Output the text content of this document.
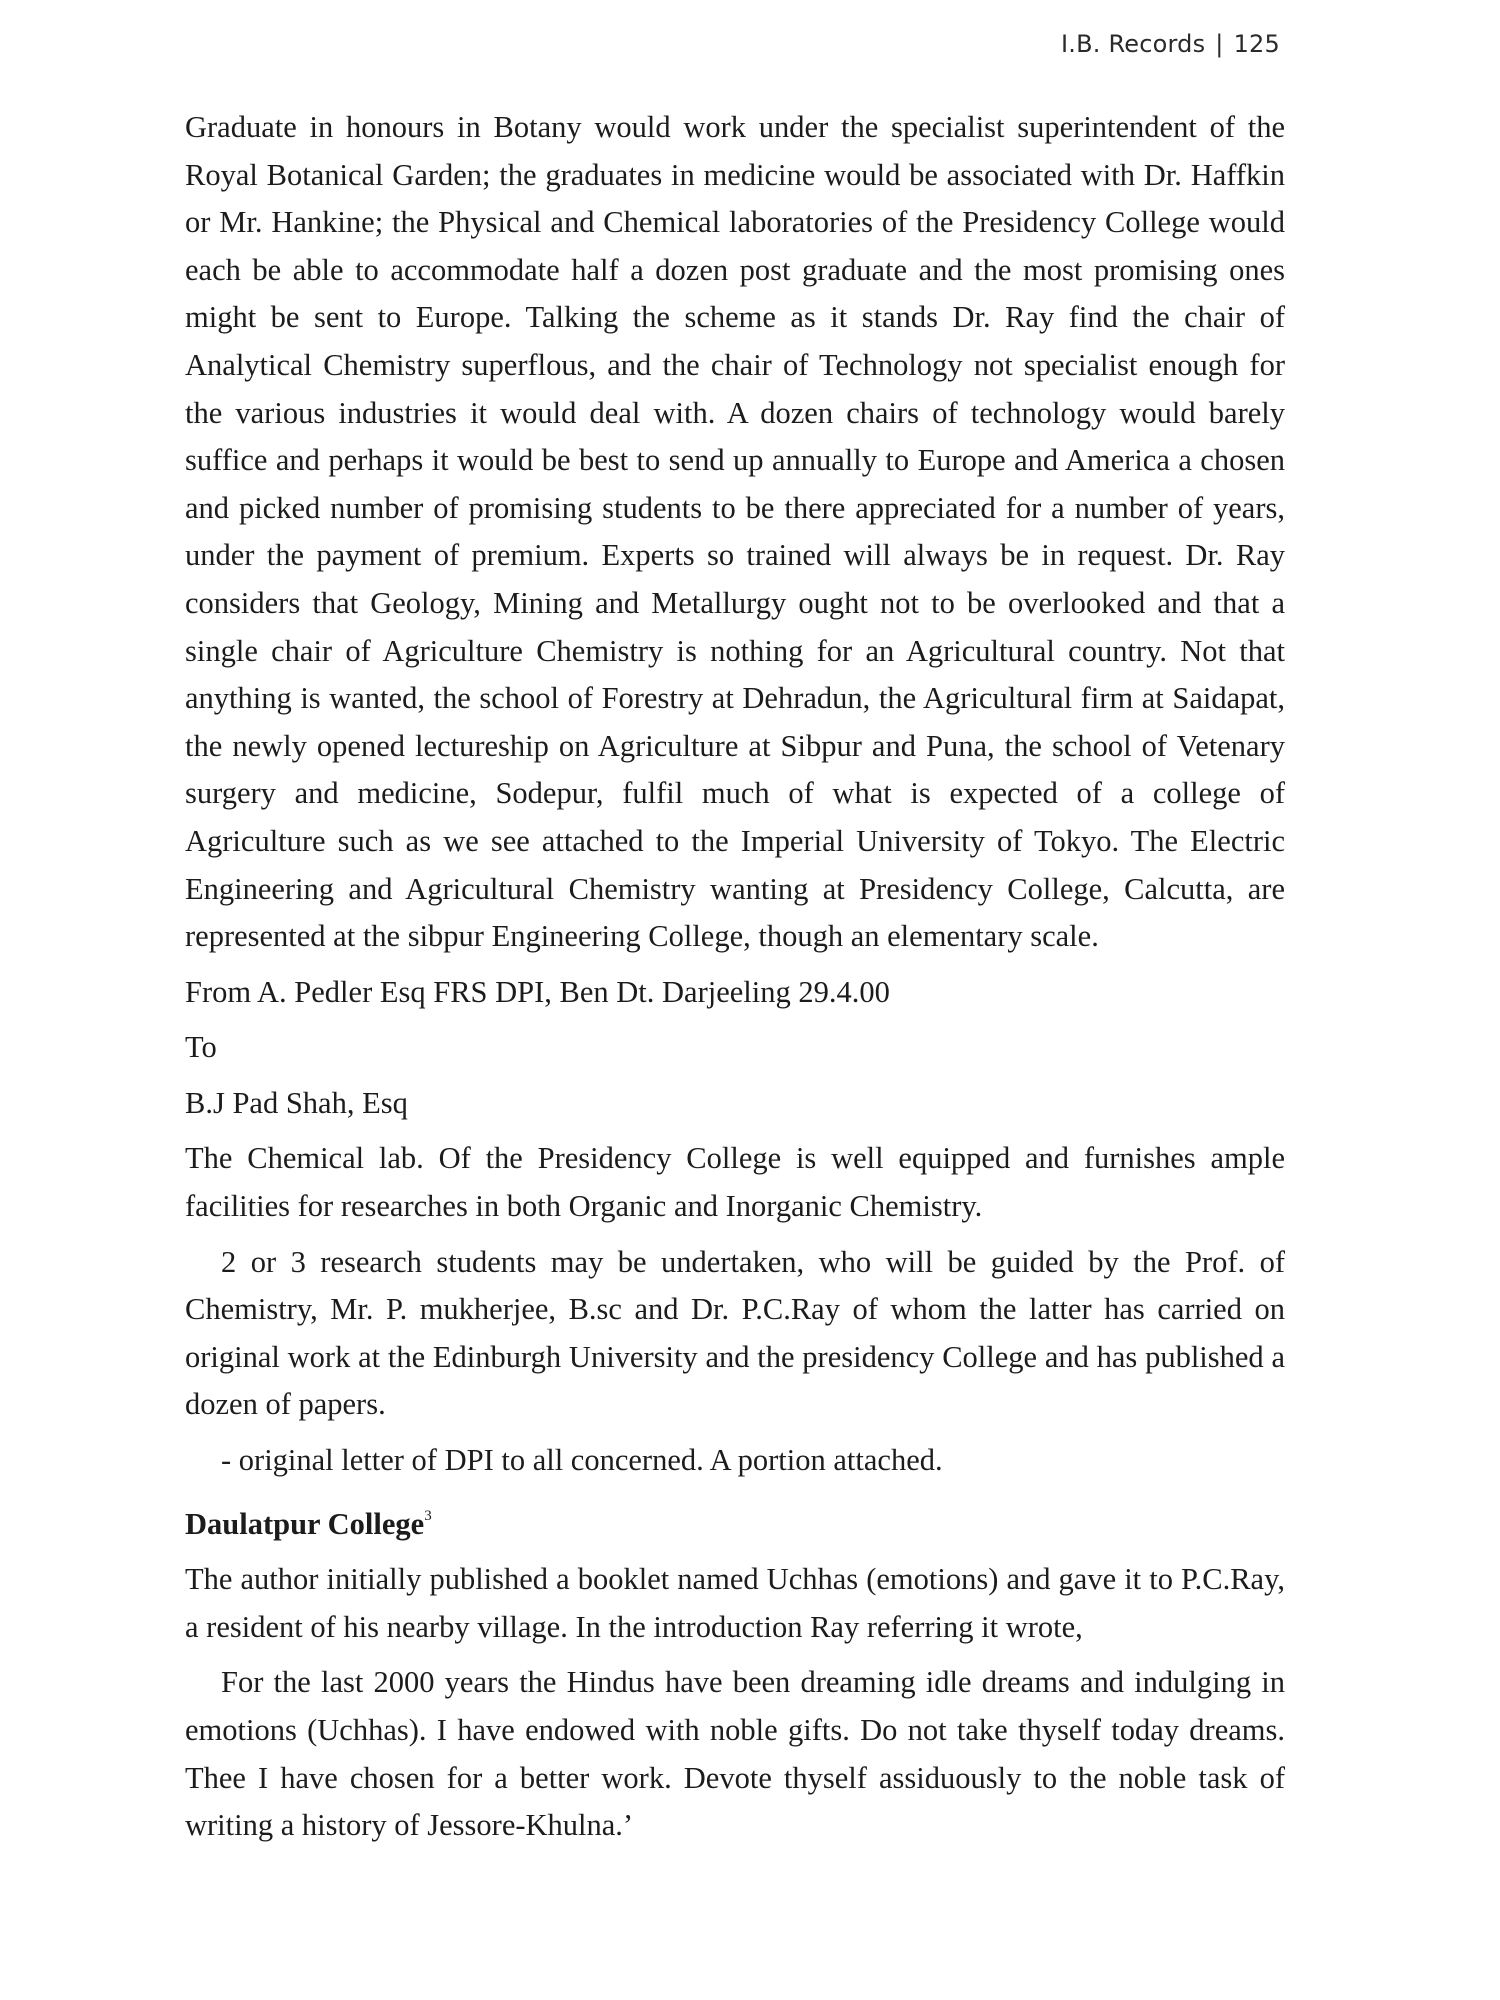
I.B. Records | 125

Graduate in honours in Botany would work under the specialist superintendent of the Royal Botanical Garden; the graduates in medicine would be associated with Dr. Haffkin or Mr. Hankine; the Physical and Chemical laboratories of the Presidency College would each be able to accommodate half a dozen post graduate and the most promising ones might be sent to Europe. Talking the scheme as it stands Dr. Ray find the chair of Analytical Chemistry superflous, and the chair of Technology not specialist enough for the various industries it would deal with. A dozen chairs of technology would barely suffice and perhaps it would be best to send up annually to Europe and America a chosen and picked number of promising students to be there appreciated for a number of years, under the payment of premium. Experts so trained will always be in request. Dr. Ray considers that Geology, Mining and Metallurgy ought not to be overlooked and that a single chair of Agriculture Chemistry is nothing for an Agricultural country. Not that anything is wanted, the school of Forestry at Dehradun, the Agricultural firm at Saidapat, the newly opened lectureship on Agriculture at Sibpur and Puna, the school of Vetenary surgery and medicine, Sodepur, fulfil much of what is expected of a college of Agriculture such as we see attached to the Imperial University of Tokyo. The Electric Engineering and Agricultural Chemistry wanting at Presidency College, Calcutta, are represented at the sibpur Engineering College, though an elementary scale.

From A. Pedler Esq FRS DPI, Ben Dt. Darjeeling 29.4.00

To

B.J Pad Shah, Esq

The Chemical lab. Of the Presidency College is well equipped and furnishes ample facilities for researches in both Organic and Inorganic Chemistry.

2 or 3 research students may be undertaken, who will be guided by the Prof. of Chemistry, Mr. P. mukherjee, B.sc and Dr. P.C.Ray of whom the latter has carried on original work at the Edinburgh University and the presidency College and has published a dozen of papers.

- original letter of DPI to all concerned. A portion attached.

Daulatpur College$^3$

The author initially published a booklet named Uchhas (emotions) and gave it to P.C.Ray, a resident of his nearby village. In the introduction Ray referring it wrote,

For the last 2000 years the Hindus have been dreaming idle dreams and indulging in emotions (Uchhas). I have endowed with noble gifts. Do not take thyself today dreams. Thee I have chosen for a better work. Devote thyself assiduously to the noble task of writing a history of Jessore-Khulna.’
